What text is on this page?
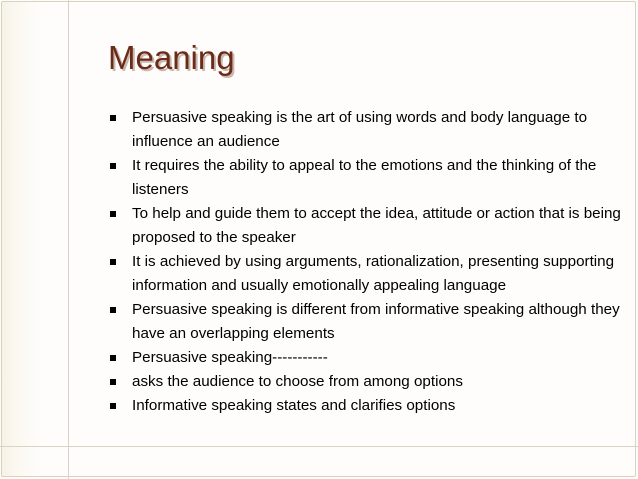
Meaning
Persuasive speaking is the art of using words and body language to influence an audience
It requires the ability to appeal to the emotions and the thinking of the listeners
To help and guide them to accept the idea, attitude or action that is being proposed to the speaker
It is achieved by using arguments, rationalization, presenting supporting information and usually emotionally appealing language
Persuasive speaking is different from informative speaking although they have an overlapping elements
Persuasive speaking-----------
asks the audience to choose from among options
Informative speaking states and clarifies options
